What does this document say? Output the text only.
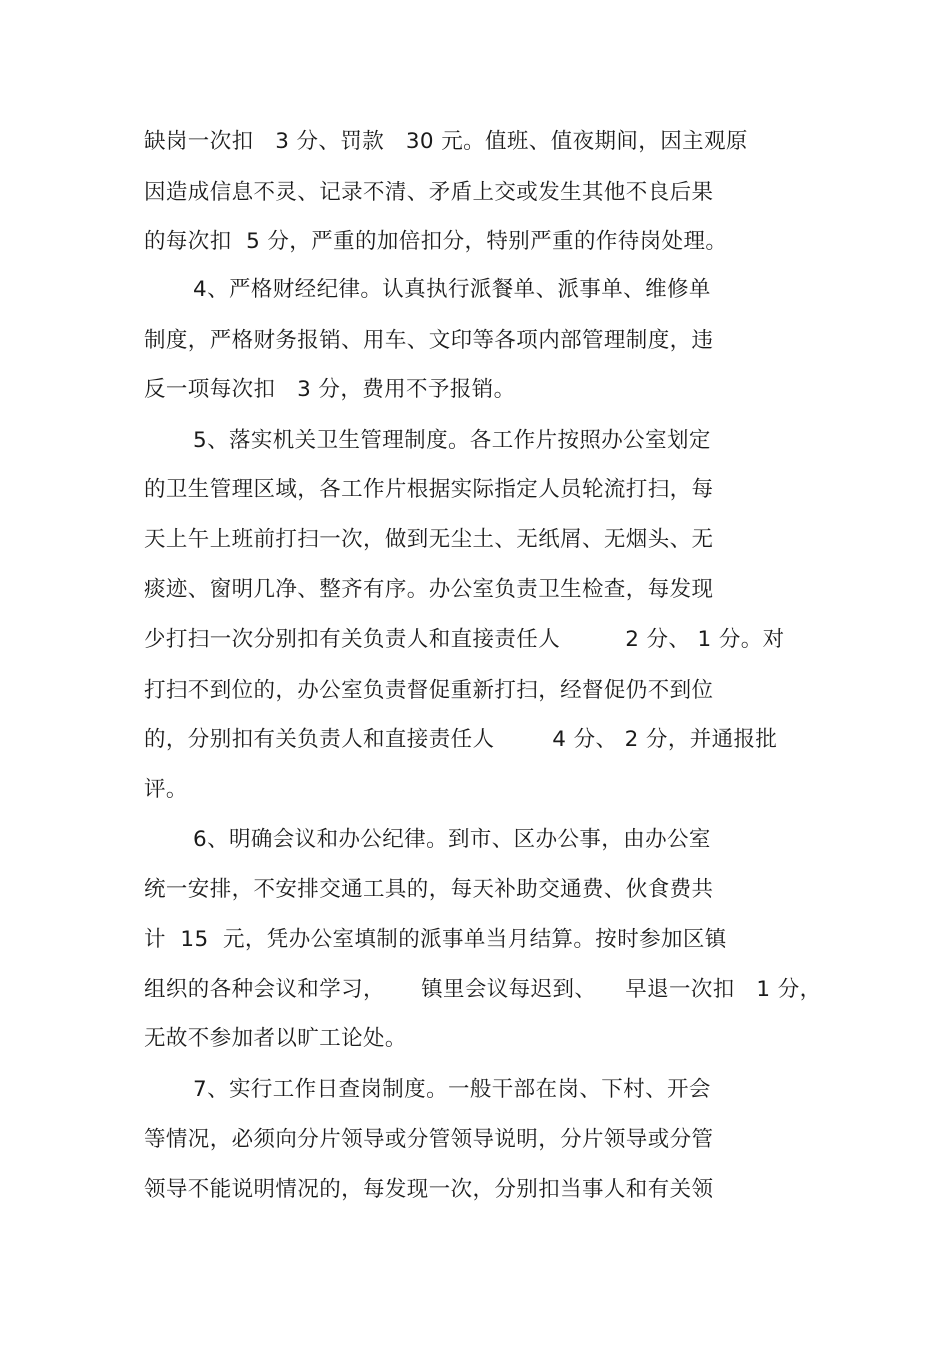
缺岗一次扣   3 分、罚款   30 元。值班、值夜期间，因主观原
因造成信息不灵、记录不清、矛盾上交或发生其他不良后果
的每次扣  5 分，严重的加倍扣分，特别严重的作待岗处理。
4、严格财经纪律。认真执行派餐单、派事单、维修单
制度，严格财务报销、用车、文印等各项内部管理制度，违
反一项每次扣   3 分，费用不予报销。
5、落实机关卫生管理制度。各工作片按照办公室划定
的卫生管理区域，各工作片根据实际指定人员轮流打扫，每
天上午上班前打扫一次，做到无尘土、无纸屑、无烟头、无
痰迹、窗明几净、整齐有序。办公室负责卫生检查，每发现
少打扫一次分别扣有关负责人和直接责任人         2 分、 1 分。对
打扫不到位的，办公室负责督促重新打扫，经督促仍不到位
的，分别扣有关负责人和直接责任人        4 分、 2 分，并通报批
评。
6、明确会议和办公纪律。到市、区办公事，由办公室
统一安排，不安排交通工具的，每天补助交通费、伙食费共
计  15  元，凭办公室填制的派事单当月结算。按时参加区镇
组织的各种会议和学习，     镇里会议每迟到、    早退一次扣   1 分，
无故不参加者以旷工论处。
7、实行工作日查岗制度。一般干部在岗、下村、开会
等情况，必须向分片领导或分管领导说明，分片领导或分管
领导不能说明情况的，每发现一次，分别扣当事人和有关领
